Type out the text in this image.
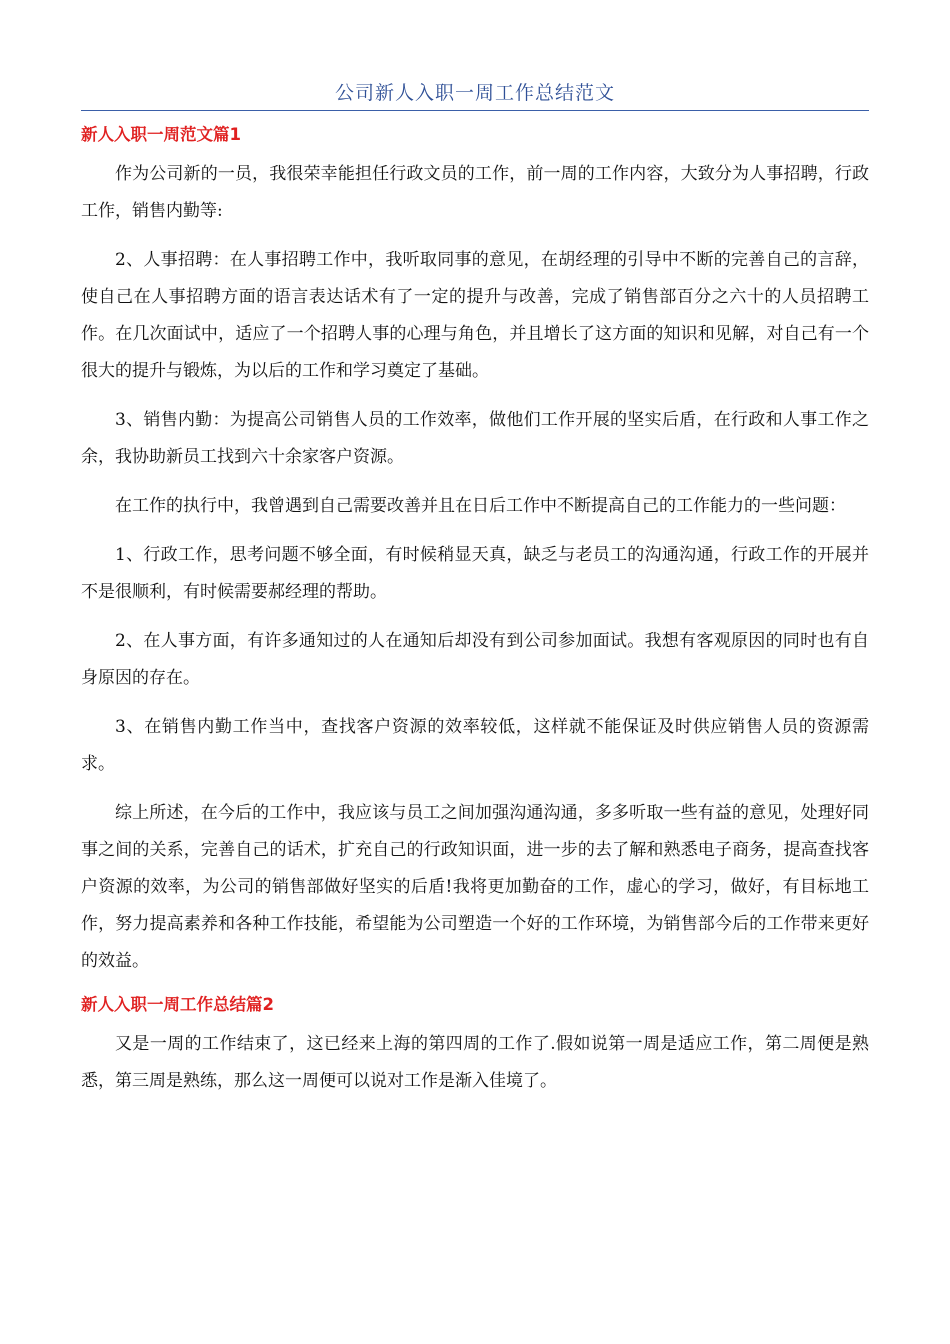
公司新人入职一周工作总结范文
新人入职一周范文篇1

作为公司新的一员，我很荣幸能担任行政文员的工作，前一周的工作内容，大致分为人事招聘，行政工作，销售内勤等:

2、人事招聘：在人事招聘工作中，我听取同事的意见，在胡经理的引导中不断的完善自己的言辞，使自己在人事招聘方面的语言表达话术有了一定的提升与改善，完成了销售部百分之六十的人员招聘工作。在几次面试中，适应了一个招聘人事的心理与角色，并且增长了这方面的知识和见解，对自己有一个很大的提升与锻炼，为以后的工作和学习奠定了基础。

3、销售内勤：为提高公司销售人员的工作效率，做他们工作开展的坚实后盾，在行政和人事工作之余，我协助新员工找到六十余家客户资源。

在工作的执行中，我曾遇到自己需要改善并且在日后工作中不断提高自己的工作能力的一些问题：

1、行政工作，思考问题不够全面，有时候稍显天真，缺乏与老员工的沟通沟通，行政工作的开展并不是很顺利，有时候需要郝经理的帮助。

2、在人事方面，有许多通知过的人在通知后却没有到公司参加面试。我想有客观原因的同时也有自身原因的存在。

3、在销售内勤工作当中，查找客户资源的效率较低，这样就不能保证及时供应销售人员的资源需求。

综上所述，在今后的工作中，我应该与员工之间加强沟通沟通，多多听取一些有益的意见，处理好同事之间的关系，完善自己的话术，扩充自己的行政知识面，进一步的去了解和熟悉电子商务，提高查找客户资源的效率，为公司的销售部做好坚实的后盾!我将更加勤奋的工作，虚心的学习，做好，有目标地工作，努力提高素养和各种工作技能，希望能为公司塑造一个好的工作环境，为销售部今后的工作带来更好的效益。

新人入职一周工作总结篇2

又是一周的工作结束了，这已经来上海的第四周的工作了.假如说第一周是适应工作，第二周便是熟悉，第三周是熟练，那么这一周便可以说对工作是渐入佳境了。
